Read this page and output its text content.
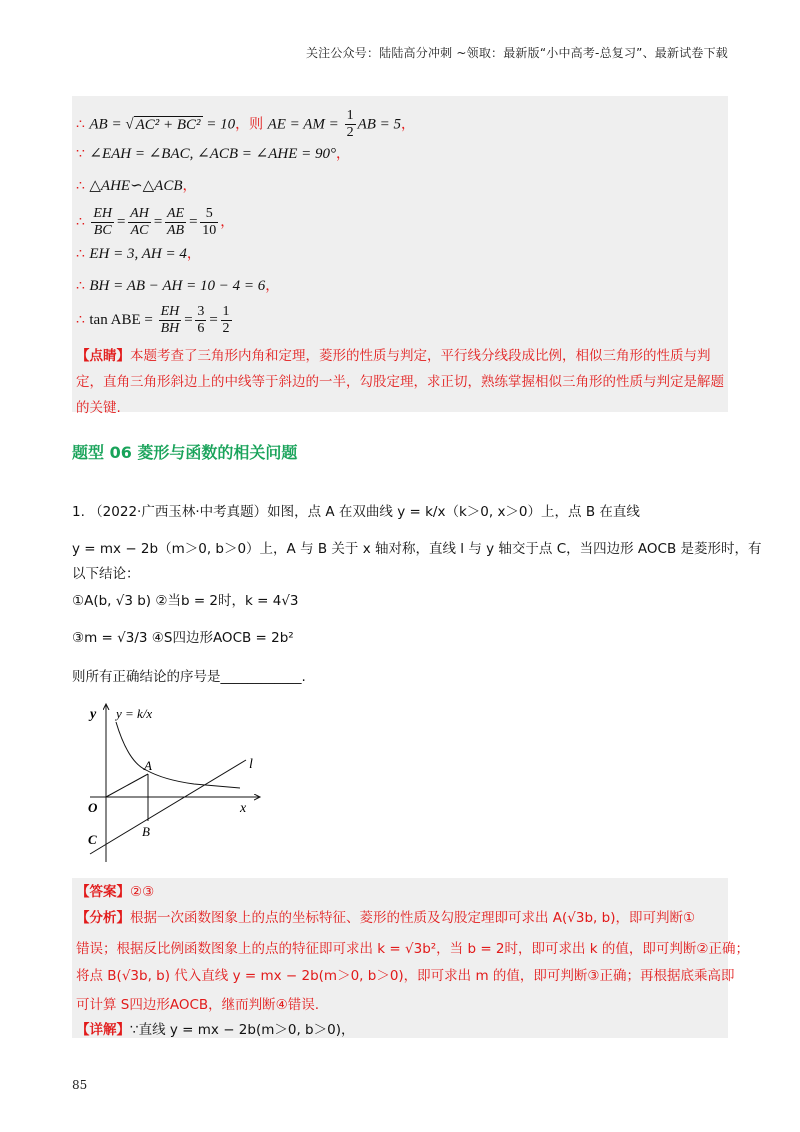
关注公众号：陆陆高分冲刺 ~领取：最新版“小中高考-总复习”、最新试卷下载
∴ AB = √ AC² + BC² = 10，则 AE = AM = $\frac{1}{2}$ AB = 5，
∵ ∠EAH = ∠BAC, ∠ACB = ∠AHE = 90°，
∴ △AHE∽△ACB，
∴ $\frac{EH}{BC} = \frac{AH}{AC} = \frac{AE}{AB} = \frac{5}{10}$ ，
∴ EH = 3, AH = 4，
∴ BH = AB − AH = 10 − 4 = 6，
∴ tan ABE = $\frac{EH}{BH} = \frac{3}{6} = \frac{1}{2}$
【点睛】本题考查了三角形内角和定理，菱形的性质与判定，平行线分线段成比例，相似三角形的性质与判定，直角三角形斜边上的中线等于斜边的一半，勾股定理，求正切，熟练掌握相似三角形的性质与判定是解题的关键.
题型 06 菱形与函数的相关问题
1. （2022·广西玉林·中考真题）如图，点 A 在双曲线 y = k/x（k＞0, x＞0）上，点 B 在直线
y = mx − 2b（m＞0, b＞0）上，A 与 B 关于 x 轴对称，直线 l 与 y 轴交于点 C，当四边形 AOCB 是菱形时，有
以下结论：
①A(b, √3 b) ②当b = 2时，k = 4√3
③m = √3/3 ④S四边形AOCB = 2b²
则所有正确结论的序号是____________.
y y = k/x
l
A
O	x
C
B
【答案】②③
【分析】根据一次函数图象上的点的坐标特征、菱形的性质及勾股定理即可求出 A(√3b, b)，即可判断①
错误；根据反比例函数图象上的点的特征即可求出 k = √3b²，当 b = 2时，即可求出 k 的值，即可判断②正确；
将点 B(√3b, b) 代入直线 y = mx − 2b(m＞0, b＞0)，即可求出 m 的值，即可判断③正确；再根据底乘高即
可计算 S四边形AOCB，继而判断④错误.
【详解】∵直线 y = mx − 2b(m＞0, b＞0)，
85
